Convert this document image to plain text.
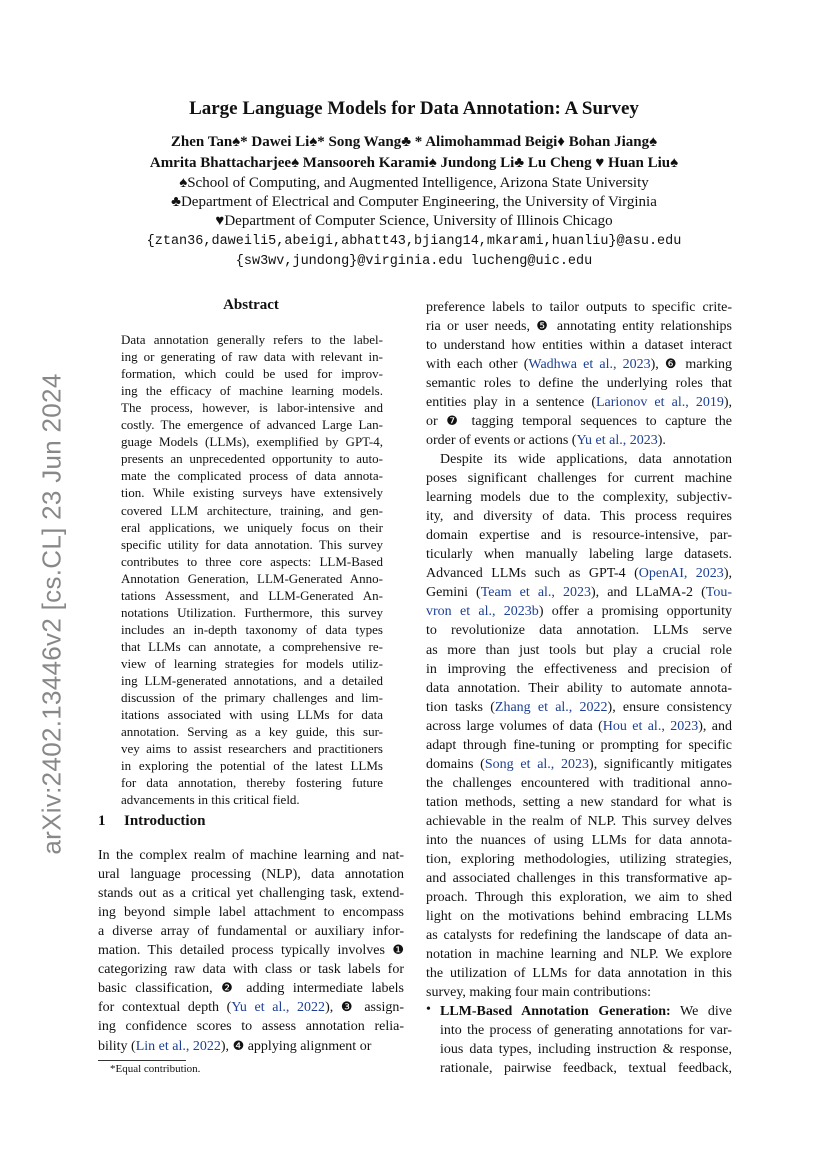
Large Language Models for Data Annotation: A Survey
Zhen Tan♠* Dawei Li♠* Song Wang♣ * Alimohammad Beigi♦ Bohan Jiang♠
Amrita Bhattacharjee♠ Mansooreh Karami♠ Jundong Li♣ Lu Cheng ♥ Huan Liu♠
♠School of Computing, and Augmented Intelligence, Arizona State University
♣Department of Electrical and Computer Engineering, the University of Virginia
♥Department of Computer Science, University of Illinois Chicago
{ztan36,daweili5,abeigi,abhatt43,bjiang14,mkarami,huanliu}@asu.edu
{sw3wv,jundong}@virginia.edu lucheng@uic.edu
arXiv:2402.13446v2 [cs.CL] 23 Jun 2024
Abstract
Data annotation generally refers to the label-
ing or generating of raw data with relevant in-
formation, which could be used for improv-
ing the efficacy of machine learning models.
The process, however, is labor-intensive and
costly. The emergence of advanced Large Lan-
guage Models (LLMs), exemplified by GPT-4,
presents an unprecedented opportunity to auto-
mate the complicated process of data annota-
tion. While existing surveys have extensively
covered LLM architecture, training, and gen-
eral applications, we uniquely focus on their
specific utility for data annotation. This survey
contributes to three core aspects: LLM-Based
Annotation Generation, LLM-Generated Anno-
tations Assessment, and LLM-Generated An-
notations Utilization. Furthermore, this survey
includes an in-depth taxonomy of data types
that LLMs can annotate, a comprehensive re-
view of learning strategies for models utiliz-
ing LLM-generated annotations, and a detailed
discussion of the primary challenges and lim-
itations associated with using LLMs for data
annotation. Serving as a key guide, this sur-
vey aims to assist researchers and practitioners
in exploring the potential of the latest LLMs
for data annotation, thereby fostering future
advancements in this critical field.
1 Introduction
In the complex realm of machine learning and nat-
ural language processing (NLP), data annotation
stands out as a critical yet challenging task, extend-
ing beyond simple label attachment to encompass
a diverse array of fundamental or auxiliary infor-
mation. This detailed process typically involves ❶
categorizing raw data with class or task labels for
basic classification, ❷ adding intermediate labels
for contextual depth (Yu et al., 2022), ❸ assign-
ing confidence scores to assess annotation relia-
bility (Lin et al., 2022), ❹ applying alignment or
preference labels to tailor outputs to specific crite-
ria or user needs, ❺ annotating entity relationships
to understand how entities within a dataset interact
with each other (Wadhwa et al., 2023), ❻ marking
semantic roles to define the underlying roles that
entities play in a sentence (Larionov et al., 2019),
or ❼ tagging temporal sequences to capture the
order of events or actions (Yu et al., 2023).
Despite its wide applications, data annotation
poses significant challenges for current machine
learning models due to the complexity, subjectiv-
ity, and diversity of data. This process requires
domain expertise and is resource-intensive, par-
ticularly when manually labeling large datasets.
Advanced LLMs such as GPT-4 (OpenAI, 2023),
Gemini (Team et al., 2023), and LLaMA-2 (Tou-
vron et al., 2023b) offer a promising opportunity
to revolutionize data annotation. LLMs serve
as more than just tools but play a crucial role
in improving the effectiveness and precision of
data annotation. Their ability to automate annota-
tion tasks (Zhang et al., 2022), ensure consistency
across large volumes of data (Hou et al., 2023), and
adapt through fine-tuning or prompting for specific
domains (Song et al., 2023), significantly mitigates
the challenges encountered with traditional anno-
tation methods, setting a new standard for what is
achievable in the realm of NLP. This survey delves
into the nuances of using LLMs for data annota-
tion, exploring methodologies, utilizing strategies,
and associated challenges in this transformative ap-
proach. Through this exploration, we aim to shed
light on the motivations behind embracing LLMs
as catalysts for redefining the landscape of data an-
notation in machine learning and NLP. We explore
the utilization of LLMs for data annotation in this
survey, making four main contributions:
• LLM-Based Annotation Generation: We dive
into the process of generating annotations for var-
ious data types, including instruction & response,
rationale, pairwise feedback, textual feedback,
*Equal contribution.
